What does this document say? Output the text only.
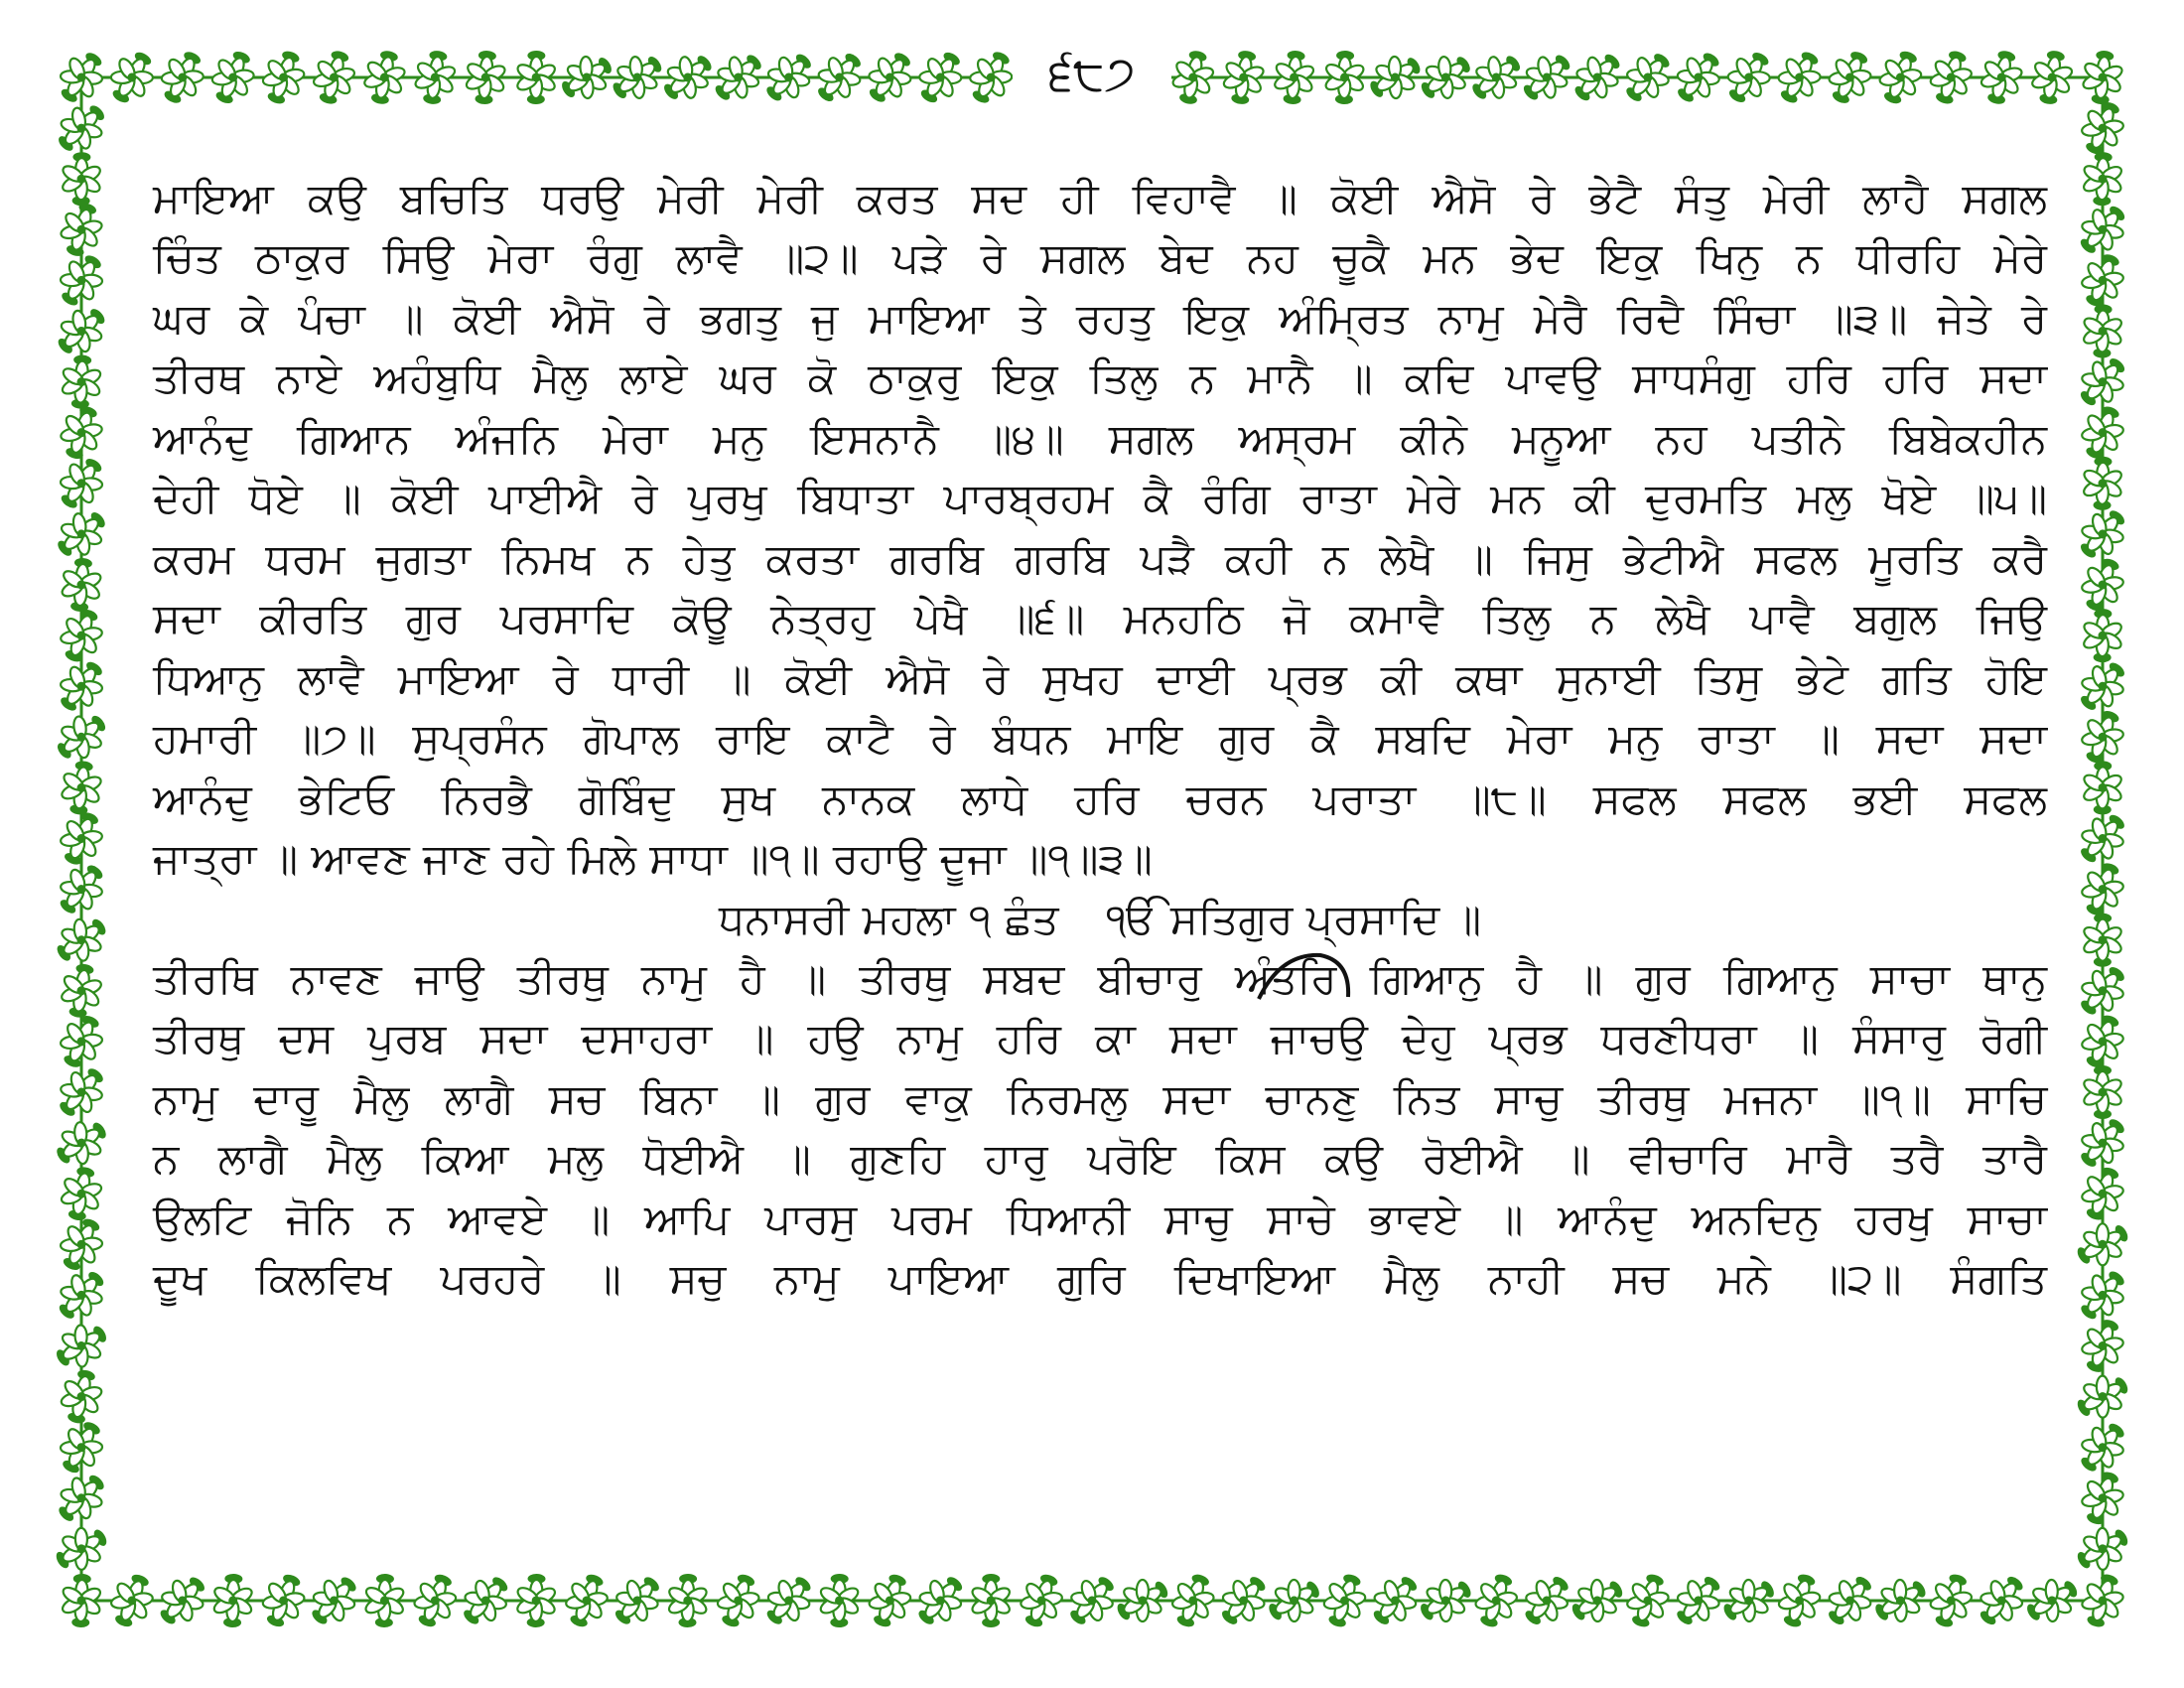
੬੮੭
ਮਾਇਆ ਕਉ ਬਚਿਤਿ ਧਰਉ ਮੇਰੀ ਮੇਰੀ ਕਰਤ ਸਦ ਹੀ ਵਿਹਾਵੈ ॥ ਕੋਈ ਐਸੋ ਰੇ ਭੇਟੈ ਸੰਤੁ ਮੇਰੀ ਲਾਹੈ ਸਗਲ
ਚਿੰਤ ਠਾਕੁਰ ਸਿਉ ਮੇਰਾ ਰੰਗੁ ਲਾਵੈ ॥੨॥ ਪੜੇ ਰੇ ਸਗਲ ਬੇਦ ਨਹ ਚੂਕੈ ਮਨ ਭੇਦ ਇਕੁ ਖਿਨੁ ਨ ਧੀਰਹਿ ਮੇਰੇ
ਘਰ ਕੇ ਪੰਚਾ ॥ ਕੋਈ ਐਸੋ ਰੇ ਭਗਤੁ ਜੁ ਮਾਇਆ ਤੇ ਰਹਤੁ ਇਕੁ ਅੰਮ੍ਰਿਤ ਨਾਮੁ ਮੇਰੈ ਰਿਦੈ ਸਿੰਚਾ ॥੩॥ ਜੇਤੇ ਰੇ
ਤੀਰਥ ਨਾਏ ਅਹੰਬੁਧਿ ਮੈਲੁ ਲਾਏ ਘਰ ਕੋ ਠਾਕੁਰੁ ਇਕੁ ਤਿਲੁ ਨ ਮਾਨੈ ॥ ਕਦਿ ਪਾਵਉ ਸਾਧਸੰਗੁ ਹਰਿ ਹਰਿ ਸਦਾ
ਆਨੰਦੁ ਗਿਆਨ ਅੰਜਨਿ ਮੇਰਾ ਮਨੁ ਇਸਨਾਨੈ ॥੪॥ ਸਗਲ ਅਸ੍ਰਮ ਕੀਨੇ ਮਨੂਆ ਨਹ ਪਤੀਨੇ ਬਿਬੇਕਹੀਨ
ਦੇਹੀ ਧੋਏ ॥ ਕੋਈ ਪਾਈਐ ਰੇ ਪੁਰਖੁ ਬਿਧਾਤਾ ਪਾਰਬ੍ਰਹਮ ਕੈ ਰੰਗਿ ਰਾਤਾ ਮੇਰੇ ਮਨ ਕੀ ਦੁਰਮਤਿ ਮਲੁ ਖੋਏ ॥੫॥
ਕਰਮ ਧਰਮ ਜੁਗਤਾ ਨਿਮਖ ਨ ਹੇਤੁ ਕਰਤਾ ਗਰਬਿ ਗਰਬਿ ਪੜੈ ਕਹੀ ਨ ਲੇਖੈ ॥ ਜਿਸੁ ਭੇਟੀਐ ਸਫਲ ਮੂਰਤਿ ਕਰੈ
ਸਦਾ ਕੀਰਤਿ ਗੁਰ ਪਰਸਾਦਿ ਕੋਊ ਨੇਤ੍ਰਹੁ ਪੇਖੈ ॥੬॥ ਮਨਹਠਿ ਜੋ ਕਮਾਵੈ ਤਿਲੁ ਨ ਲੇਖੈ ਪਾਵੈ ਬਗੁਲ ਜਿਉ
ਧਿਆਨੁ ਲਾਵੈ ਮਾਇਆ ਰੇ ਧਾਰੀ ॥ ਕੋਈ ਐਸੋ ਰੇ ਸੁਖਹ ਦਾਈ ਪ੍ਰਭ ਕੀ ਕਥਾ ਸੁਨਾਈ ਤਿਸੁ ਭੇਟੇ ਗਤਿ ਹੋਇ
ਹਮਾਰੀ ॥੭॥ ਸੁਪ੍ਰਸੰਨ ਗੋਪਾਲ ਰਾਇ ਕਾਟੈ ਰੇ ਬੰਧਨ ਮਾਇ ਗੁਰ ਕੈ ਸਬਦਿ ਮੇਰਾ ਮਨੁ ਰਾਤਾ ॥ ਸਦਾ ਸਦਾ
ਆਨੰਦੁ ਭੇਟਿਓ ਨਿਰਭੈ ਗੋਬਿੰਦੁ ਸੁਖ ਨਾਨਕ ਲਾਧੇ ਹਰਿ ਚਰਨ ਪਰਾਤਾ ॥੮॥ ਸਫਲ ਸਫਲ ਭਈ ਸਫਲ
ਜਾਤ੍ਰਾ ॥ ਆਵਣ ਜਾਣ ਰਹੇ ਮਿਲੇ ਸਾਧਾ ॥੧॥ ਰਹਾਉ ਦੂਜਾ ॥੧॥੩॥
ਧਨਾਸਰੀ ਮਹਲਾ ੧ ਛੰਤ ੴ ਸਤਿਗੁਰ ਪ੍ਰਸਾਦਿ ॥
ਤੀਰਥਿ ਨਾਵਣ ਜਾਉ ਤੀਰਥੁ ਨਾਮੁ ਹੈ ॥ ਤੀਰਥੁ ਸਬਦ ਬੀਚਾਰੁ ਅੰਤਰਿ ਗਿਆਨੁ ਹੈ ॥ ਗੁਰ ਗਿਆਨੁ ਸਾਚਾ ਥਾਨੁ
ਤੀਰਥੁ ਦਸ ਪੁਰਬ ਸਦਾ ਦਸਾਹਰਾ ॥ ਹਉ ਨਾਮੁ ਹਰਿ ਕਾ ਸਦਾ ਜਾਚਉ ਦੇਹੁ ਪ੍ਰਭ ਧਰਣੀਧਰਾ ॥ ਸੰਸਾਰੁ ਰੋਗੀ
ਨਾਮੁ ਦਾਰੂ ਮੈਲੁ ਲਾਗੈ ਸਚ ਬਿਨਾ ॥ ਗੁਰ ਵਾਕੁ ਨਿਰਮਲੁ ਸਦਾ ਚਾਨਣੁ ਨਿਤ ਸਾਚੁ ਤੀਰਥੁ ਮਜਨਾ ॥੧॥ ਸਾਚਿ
ਨ ਲਾਗੈ ਮੈਲੁ ਕਿਆ ਮਲੁ ਧੋਈਐ ॥ ਗੁਣਹਿ ਹਾਰੁ ਪਰੋਇ ਕਿਸ ਕਉ ਰੋਈਐ ॥ ਵੀਚਾਰਿ ਮਾਰੈ ਤਰੈ ਤਾਰੈ
ਉਲਟਿ ਜੋਨਿ ਨ ਆਵਏ ॥ ਆਪਿ ਪਾਰਸੁ ਪਰਮ ਧਿਆਨੀ ਸਾਚੁ ਸਾਚੇ ਭਾਵਏ ॥ ਆਨੰਦੁ ਅਨਦਿਨੁ ਹਰਖੁ ਸਾਚਾ
ਦੂਖ ਕਿਲਵਿਖ ਪਰਹਰੇ ॥ ਸਚੁ ਨਾਮੁ ਪਾਇਆ ਗੁਰਿ ਦਿਖਾਇਆ ਮੈਲੁ ਨਾਹੀ ਸਚ ਮਨੇ ॥੨॥ ਸੰਗਤਿ
